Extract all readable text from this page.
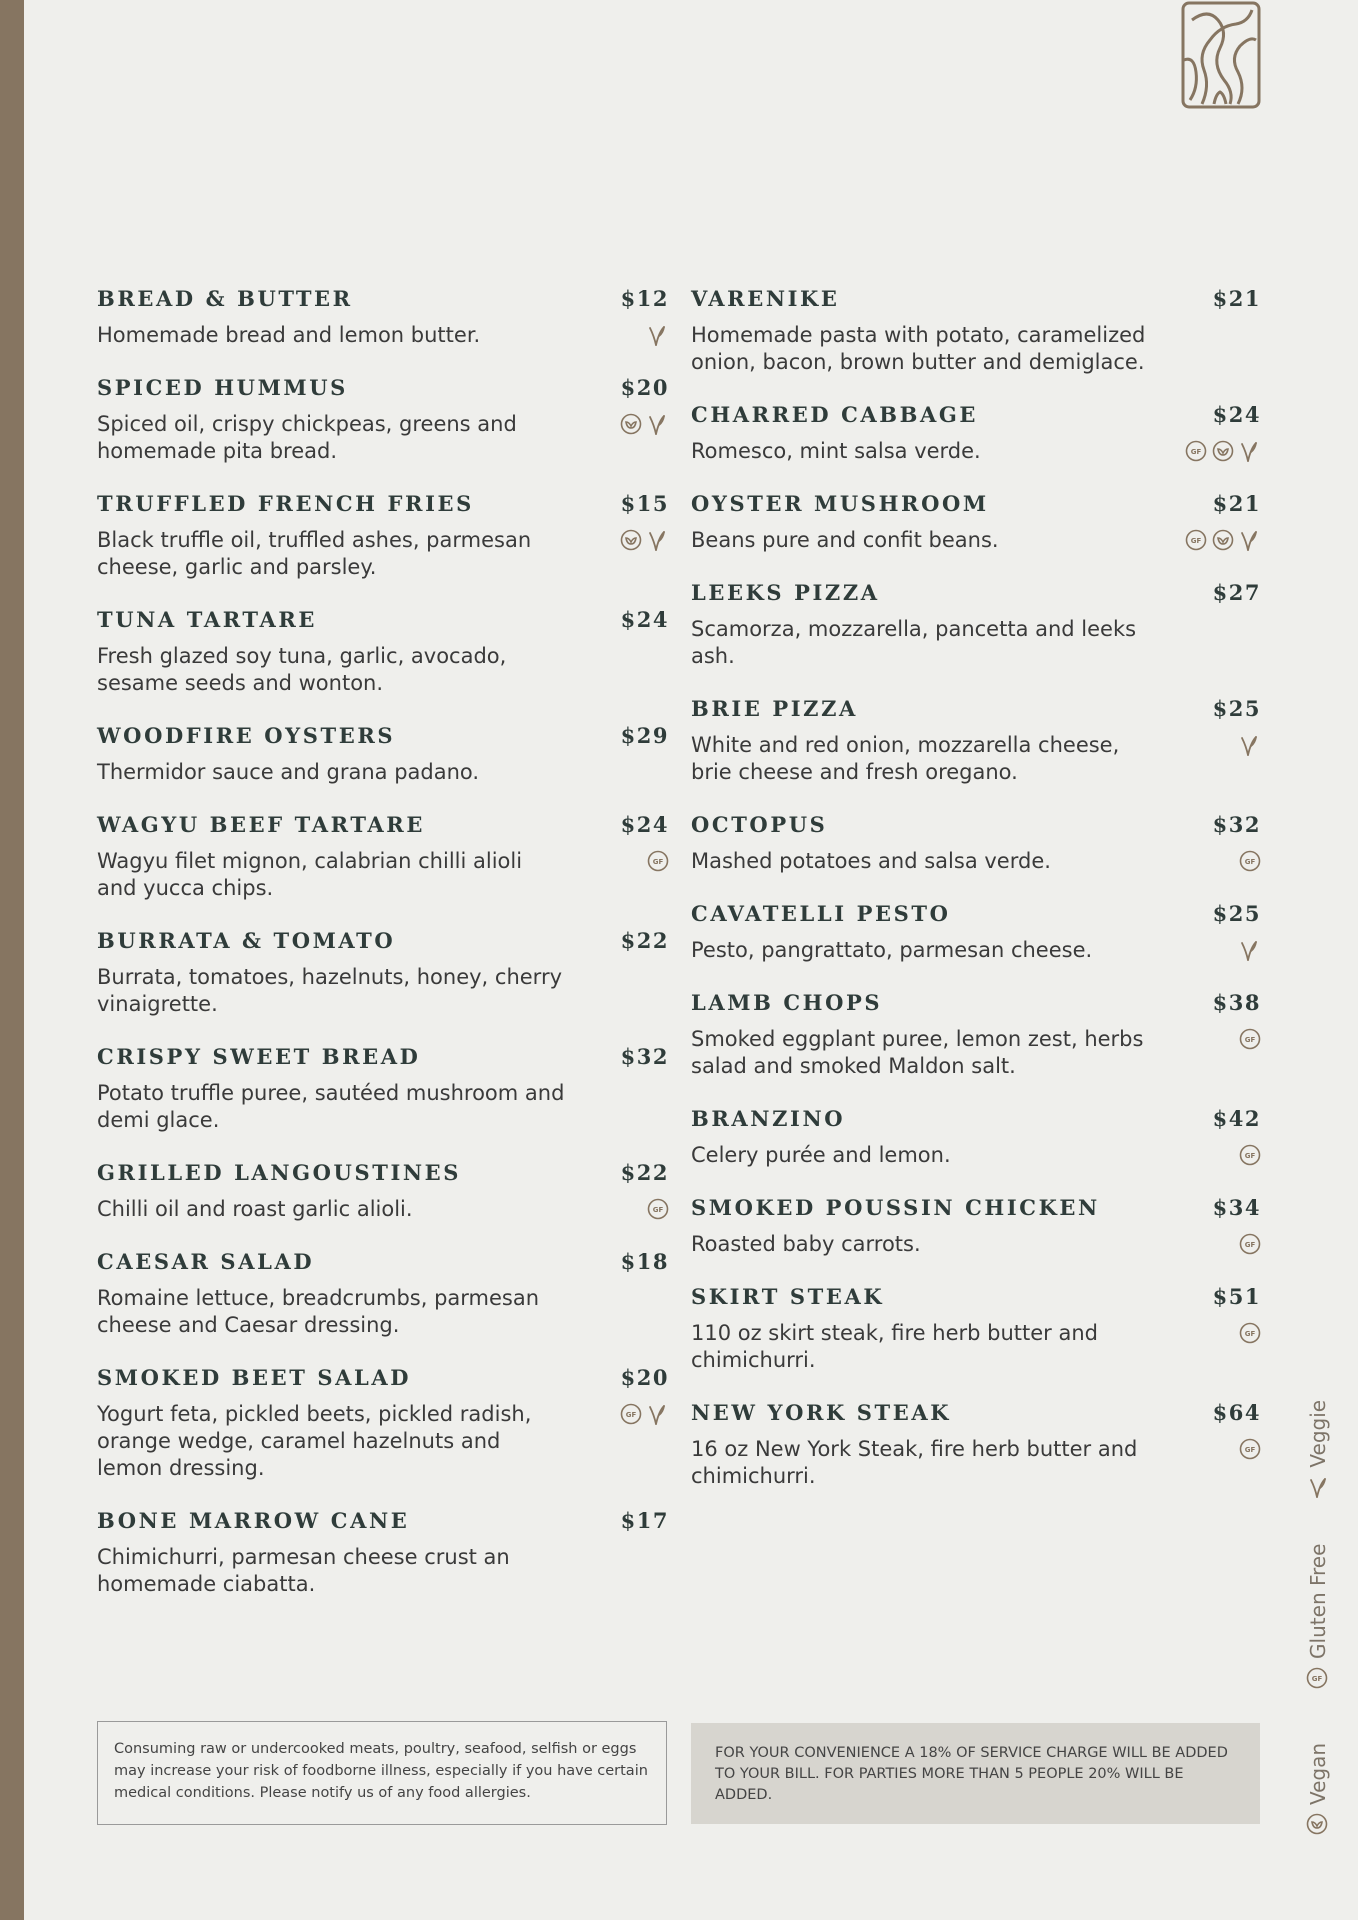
BREAD & BUTTER	$12
Homemade bread and lemon butter.
SPICED HUMMUS	$20
Spiced oil, crispy chickpeas, greens and homemade pita bread.
TRUFFLED FRENCH FRIES	$15
Black truffle oil, truffled ashes, parmesan cheese, garlic and parsley.
TUNA TARTARE	$24
Fresh glazed soy tuna, garlic, avocado, sesame seeds and wonton.
WOODFIRE OYSTERS	$29
Thermidor sauce and grana padano.
WAGYU BEEF TARTARE	$24
Wagyu filet mignon, calabrian chilli alioli and yucca chips.
GF
BURRATA & TOMATO	$22
Burrata, tomatoes, hazelnuts, honey, cherry vinaigrette.
CRISPY SWEET BREAD	$32
Potato truffle puree, sautéed mushroom and demi glace.
GRILLED LANGOUSTINES	$22
Chilli oil and roast garlic alioli.	GF
CAESAR SALAD	$18
Romaine lettuce, breadcrumbs, parmesan cheese and Caesar dressing.
SMOKED BEET SALAD	$20
Yogurt feta, pickled beets, pickled radish, orange wedge, caramel hazelnuts and lemon dressing.
GF
BONE MARROW CANE	$17
Chimichurri, parmesan cheese crust an homemade ciabatta.
VARENIKE	$21
Homemade pasta with potato, caramelized onion, bacon, brown butter and demiglace.
CHARRED CABBAGE	$24
Romesco, mint salsa verde.	GF
OYSTER MUSHROOM	$21
Beans pure and confit beans.	GF
LEEKS PIZZA	$27
Scamorza, mozzarella, pancetta and leeks ash.
BRIE PIZZA	$25
White and red onion, mozzarella cheese, brie cheese and fresh oregano.
OCTOPUS	$32
Mashed potatoes and salsa verde.	GF
CAVATELLI PESTO	$25
Pesto, pangrattato, parmesan cheese.
LAMB CHOPS	$38
Smoked eggplant puree, lemon zest, herbs salad and smoked Maldon salt.
GF
BRANZINO	$42
Celery purée and lemon.	GF
SMOKED POUSSIN CHICKEN	$34
Roasted baby carrots.	GF
SKIRT STEAK	$51
110 oz skirt steak, fire herb butter and chimichurri.
GF
NEW YORK STEAK	$64
16 oz New York Steak, fire herb butter and chimichurri.
GF
Consuming raw or undercooked meats, poultry, seafood, selfish or eggs may increase your risk of foodborne illness, especially if you have certain medical conditions. Please notify us of any food allergies.
FOR YOUR CONVENIENCE A 18% OF SERVICE CHARGE WILL BE ADDED TO YOUR BILL. FOR PARTIES MORE THAN 5 PEOPLE 20% WILL BE ADDED.	Vegan
GF
Gluten Free
Veggie
